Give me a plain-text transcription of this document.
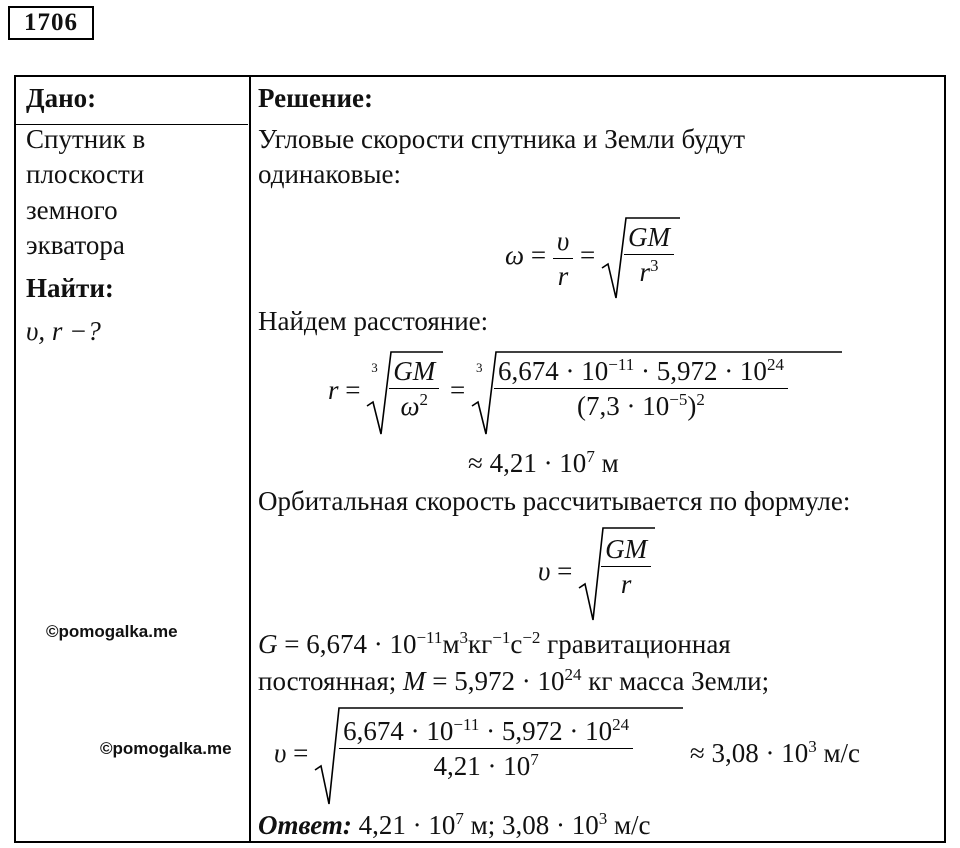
1706
Дано:
Спутник в
плоскости
земного
экватора
Найти:
υ, r −?
Решение:
Угловые скорости спутника и Земли будут
одинаковые:
$\omega = \frac{\upsilon}{r} = \frac{GM}{r^3}$
Найдем расстояние:
r =
$3 \frac{GM}{\omega^2}$ =
$3 \frac{6,674 \cdot 10^{-11} \cdot 5,972 \cdot 10^{24}}{(7,3 \cdot 10^{-5})^2}$
≈ $4,21 \cdot 10^7$ м
Орбитальная скорость рассчитывается по формуле:
$\upsilon = \frac{GM}{r}$
$G = 6,674 \cdot 10^{-11}м^3кг^{-1}с^{-2}$ гравитационная
постоянная; $M = 5,972 \cdot 10^{24}$ кг масса Земли;
$\upsilon = \frac{6,674 \cdot 10^{-11} \cdot 5,972 \cdot 10^{24}}{4,21 \cdot 10^7} \approx 3,08 \cdot 10^3$ м/с
Ответ: $4,21 \cdot 10^7$ м; $3,08 \cdot 10^3$ м/с
©pomogalka.me
©pomogalka.me
